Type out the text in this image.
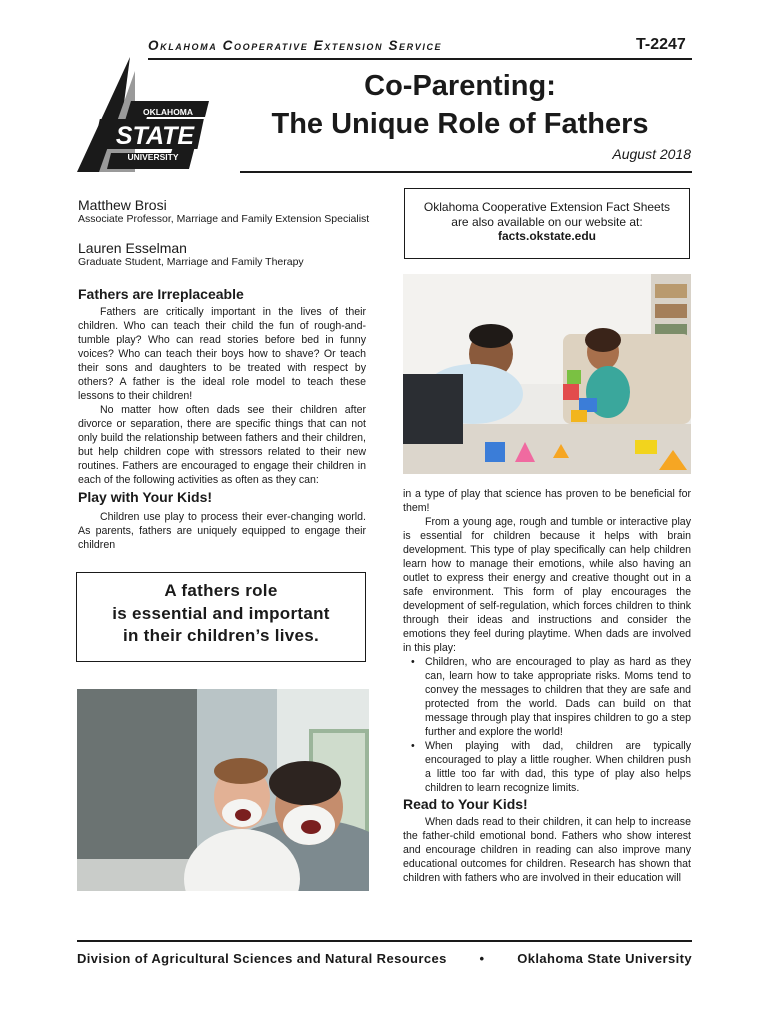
Oklahoma Cooperative Extension Service	T-2247
OKLAHOMA
STATE
UNIVERSITY
Co-Parenting:
The Unique Role of Fathers
August 2018
Matthew Brosi
Associate Professor, Marriage and Family Extension Specialist
Lauren Esselman
Graduate Student, Marriage and Family Therapy
Oklahoma Cooperative Extension Fact Sheets
are also available on our website at:
facts.okstate.edu
Fathers are Irreplaceable

Fathers are critically important in the lives of their children. Who can teach their child the fun of rough-and-tumble play? Who can read stories before bed in funny voices? Who can teach their boys how to shave? Or teach their sons and daughters to be treated with respect by others? A father is the ideal role model to teach these lessons to their children!

No matter how often dads see their children after divorce or separation, there are specific things that can not only build the relationship between fathers and their children, but help children cope with stressors related to their new routines. Fathers are encouraged to engage their children in each of the following activities as often as they can:

Play with Your Kids!

Children use play to process their ever-changing world. As parents, fathers are uniquely equipped to engage their children

A fathers role
is essential and important
in their children’s lives.

in a type of play that science has proven to be beneficial for them!

From a young age, rough and tumble or interactive play is essential for children because it helps with brain development. This type of play specifically can help children learn how to manage their emotions, while also having an outlet to express their energy and creative thought out in a safe environment. This form of play encourages the development of self-regulation, which forces children to think through their ideas and instructions and consider the emotions they feel during playtime. When dads are involved in this play:

• Children, who are encouraged to play as hard as they can, learn how to take appropriate risks. Moms tend to convey the messages to children that they are safe and protected from the world. Dads can build on that message through play that inspires children to go a step further and explore the world!
• When playing with dad, children are typically encouraged to play a little rougher. When children push a little too far with dad, this type of play also helps children to learn recognize limits.
Read to Your Kids!

When dads read to their children, it can help to increase the father-child emotional bond. Fathers who show interest and encourage children in reading can also improve many educational outcomes for children. Research has shown that children with fathers who are involved in their education will

Division of Agricultural Sciences and Natural Resources	•	Oklahoma State University
